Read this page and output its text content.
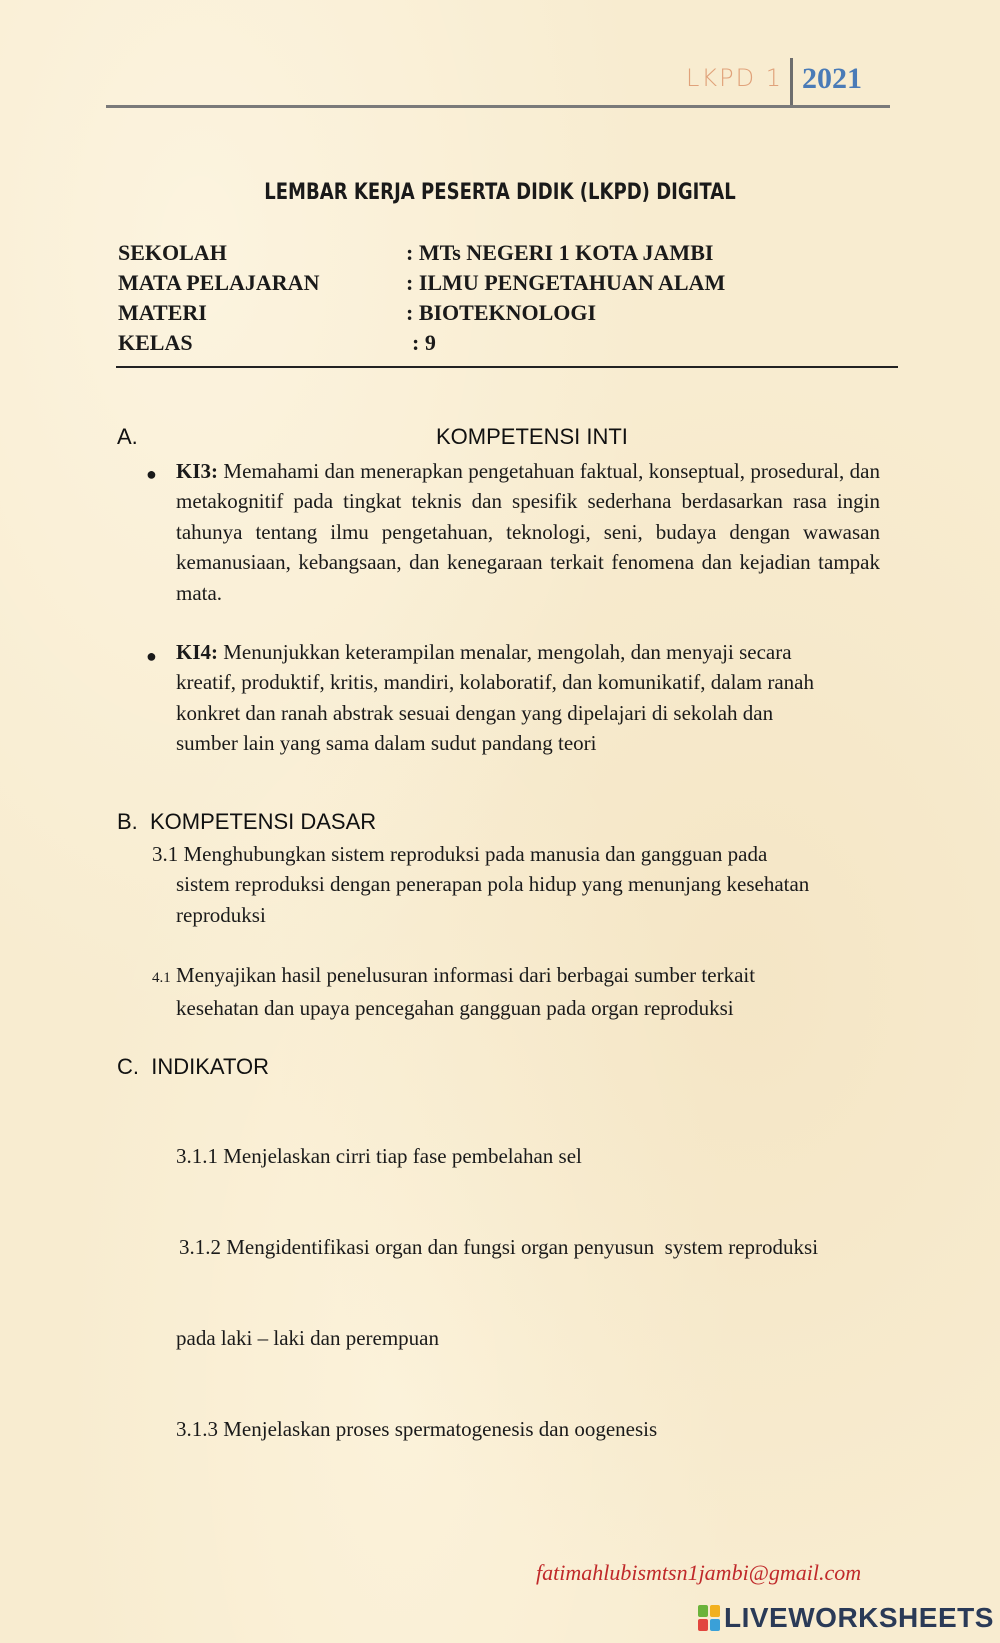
LKPD 1 2021
LEMBAR KERJA PESERTA DIDIK (LKPD) DIGITAL
SEKOLAH	: MTs NEGERI 1 KOTA JAMBI
MATA PELAJARAN	: ILMU PENGETAHUAN ALAM
MATERI	: BIOTEKNOLOGI
KELAS	: 9
A.	KOMPETENSI INTI
● KI3: Memahami dan menerapkan pengetahuan faktual, konseptual, prosedural, dan metakognitif pada tingkat teknis dan spesifik sederhana berdasarkan rasa ingin tahunya tentang ilmu pengetahuan, teknologi, seni, budaya dengan wawasan kemanusiaan, kebangsaan, dan kenegaraan terkait fenomena dan kejadian tampak mata.
● KI4: Menunjukkan keterampilan menalar, mengolah, dan menyaji secara
kreatif, produktif, kritis, mandiri, kolaboratif, dan komunikatif, dalam ranah
konkret dan ranah abstrak sesuai dengan yang dipelajari di sekolah dan
sumber lain yang sama dalam sudut pandang teori
B.  KOMPETENSI DASAR
3.1 Menghubungkan sistem reproduksi pada manusia dan gangguan pada
sistem reproduksi dengan penerapan pola hidup yang menunjang kesehatan
reproduksi
4.1 Menyajikan hasil penelusuran informasi dari berbagai sumber terkait
kesehatan dan upaya pencegahan gangguan pada organ reproduksi
C.  INDIKATOR

3.1.1 Menjelaskan cirri tiap fase pembelahan sel

3.1.2 Mengidentifikasi organ dan fungsi organ penyusun  system reproduksi

pada laki – laki dan perempuan

3.1.3 Menjelaskan proses spermatogenesis dan oogenesis

fatimahlubismtsn1jambi@gmail.com
LIVEWORKSHEETS
